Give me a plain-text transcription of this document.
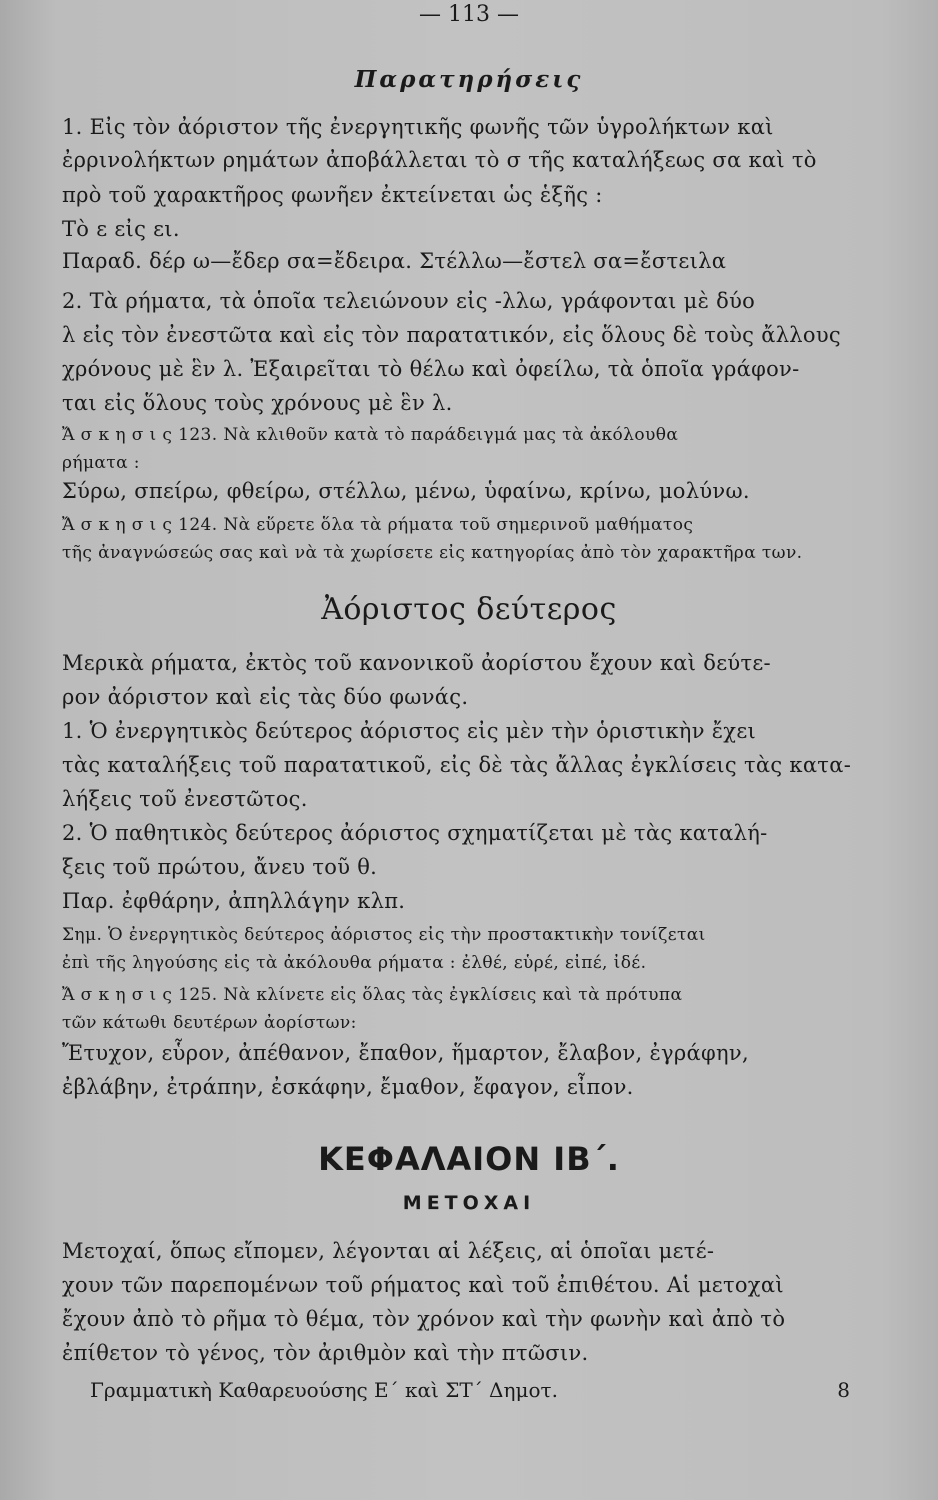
— 113 —
Παρατηρήσεις
1. Εἰς τὸν ἀόριστον τῆς ἐνεργητικῆς φωνῆς τῶν ὑγρολήκτων καὶ
ἐρρινολήκτων ρημάτων ἀποβάλλεται τὸ σ τῆς καταλήξεως σα καὶ τὸ
πρὸ τοῦ χαρακτῆρος φωνῆεν ἐκτείνεται ὡς ἑξῆς :
Τὸ ε εἰς ει.
Παραδ. δέρ ω—ἔδερ σα=ἔδειρα. Στέλλω—ἔστελ σα=ἔστειλα
2. Τὰ ρήματα, τὰ ὁποῖα τελειώνουν εἰς -λλω, γράφονται μὲ δύο
λ εἰς τὸν ἐνεστῶτα καὶ εἰς τὸν παρατατικόν, εἰς ὅλους δὲ τοὺς ἄλλους
χρόνους μὲ ἓν λ. Ἐξαιρεῖται τὸ θέλω καὶ ὀφείλω, τὰ ὁποῖα γράφον-
ται εἰς ὅλους τοὺς χρόνους μὲ ἓν λ.
Ἄ σ κ η σ ι ς 123. Νὰ κλιθοῦν κατὰ τὸ παράδειγμά μας τὰ ἀκόλουθα
ρήματα :
Σύρω, σπείρω, φθείρω, στέλλω, μένω, ὑφαίνω, κρίνω, μολύνω.
Ἄ σ κ η σ ι ς 124. Νὰ εὕρετε ὅλα τὰ ρήματα τοῦ σημερινοῦ μαθήματος
τῆς ἀναγνώσεώς σας καὶ νὰ τὰ χωρίσετε εἰς κατηγορίας ἀπὸ τὸν χαρακτῆρα των.
Ἀόριστος δεύτερος
Μερικὰ ρήματα, ἐκτὸς τοῦ κανονικοῦ ἀορίστου ἔχουν καὶ δεύτε-
ρον ἀόριστον καὶ εἰς τὰς δύο φωνάς.
1. Ὁ ἐνεργητικὸς δεύτερος ἀόριστος εἰς μὲν τὴν ὁριστικὴν ἔχει
τὰς καταλήξεις τοῦ παρατατικοῦ, εἰς δὲ τὰς ἄλλας ἐγκλίσεις τὰς κατα-
λήξεις τοῦ ἐνεστῶτος.
2. Ὁ παθητικὸς δεύτερος ἀόριστος σχηματίζεται μὲ τὰς καταλή-
ξεις τοῦ πρώτου, ἄνευ τοῦ θ.
Παρ. ἐφθάρην, ἀπηλλάγην κλπ.
Σημ. Ὁ ἐνεργητικὸς δεύτερος ἀόριστος εἰς τὴν προστακτικὴν τονίζεται
ἐπὶ τῆς ληγούσης εἰς τὰ ἀκόλουθα ρήματα : ἐλθέ, εὑρέ, εἰπέ, ἰδέ.
Ἄ σ κ η σ ι ς 125. Νὰ κλίνετε εἰς ὅλας τὰς ἐγκλίσεις καὶ τὰ πρότυπα
τῶν κάτωθι δευτέρων ἀορίστων:
Ἔτυχον, εὗρον, ἀπέθανον, ἔπαθον, ἥμαρτον, ἔλαβον, ἐγράφην,
ἐβλάβην, ἐτράπην, ἐσκάφην, ἔμαθον, ἔφαγον, εἶπον.
ΚΕΦΑΛΑΙΟΝ ΙΒ΄.
ΜΕΤΟΧΑΙ
Μετοχαί, ὅπως εἴπομεν, λέγονται αἱ λέξεις, αἱ ὁποῖαι μετέ-
χουν τῶν παρεπομένων τοῦ ρήματος καὶ τοῦ ἐπιθέτου. Αἱ μετοχαὶ
ἔχουν ἀπὸ τὸ ρῆμα τὸ θέμα, τὸν χρόνον καὶ τὴν φωνὴν καὶ ἀπὸ τὸ
ἐπίθετον τὸ γένος, τὸν ἀριθμὸν καὶ τὴν πτῶσιν.
Γραμματικὴ Καθαρευούσης Ε΄ καὶ ΣΤ΄ Δημοτ.	8
